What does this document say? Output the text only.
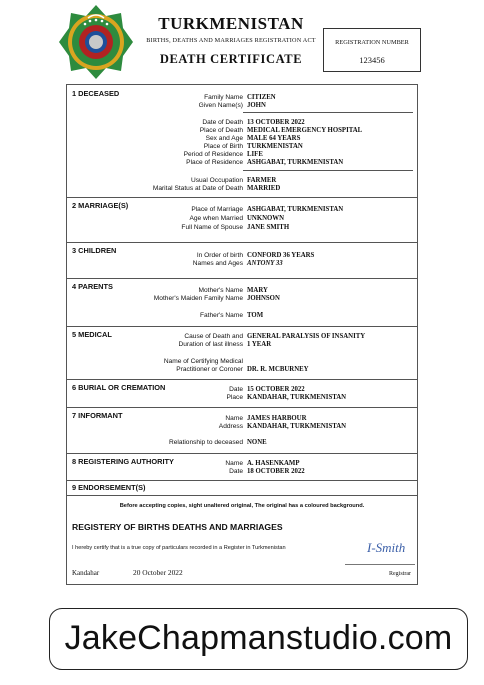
TURKMENISTAN
BIRTHS, DEATHS AND MARRIAGES REGISTRATION ACT
DEATH CERTIFICATE
REGISTRATION NUMBER
123456
1 DECEASED	Family Name CITIZEN
Given Name(s) JOHN
Date of Death 13 OCTOBER 2022
Place of Death MEDICAL EMERGENCY HOSPITAL
Sex and Age MALE 64 YEARS
Place of Birth TURKMENISTAN
Period of Residence LIFE
Place of Residence ASHGABAT, TURKMENISTAN
Usual Occupation FARMER
Marital Status at Date of Death MARRIED
2 MARRIAGE(S)	Place of Marriage ASHGABAT, TURKMENISTAN
Age when Married UNKNOWN
Full Name of Spouse JANE SMITH
3 CHILDREN
In Order of birth CONFORD 36 YEARS
Names and Ages ANTONY 33
4 PARENTS	Mother's Name MARY
Mother's Maiden Family Name JOHNSON
Father's Name TOM
5 MEDICAL	Cause of Death and GENERAL PARALYSIS OF INSANITY
Duration of last illness 1 YEAR
Name of Certifying Medical
Practitioner or Coroner DR. R. MCBURNEY
6 BURIAL OR CREMATION	Date 15 OCTOBER 2022
Place KANDAHAR, TURKMENISTAN
7 INFORMANT	Name JAMES HARBOUR
Address KANDAHAR, TURKMENISTAN
Relationship to deceased NONE
8 REGISTERING AUTHORITY	Name A. HASENKAMP
Date 18 OCTOBER 2022
9 ENDORSEMENT(S)
Before accepting copies, sight unaltered original, The original has a coloured background.
REGISTERY OF BIRTHS DEATHS AND MARRIAGES
I hereby certify that is a true copy of particulars recorded in a Register in Turkmenistan	I-Smith
Kandahar	20 October 2022	Registrar
JakeChapmanstudio.com
